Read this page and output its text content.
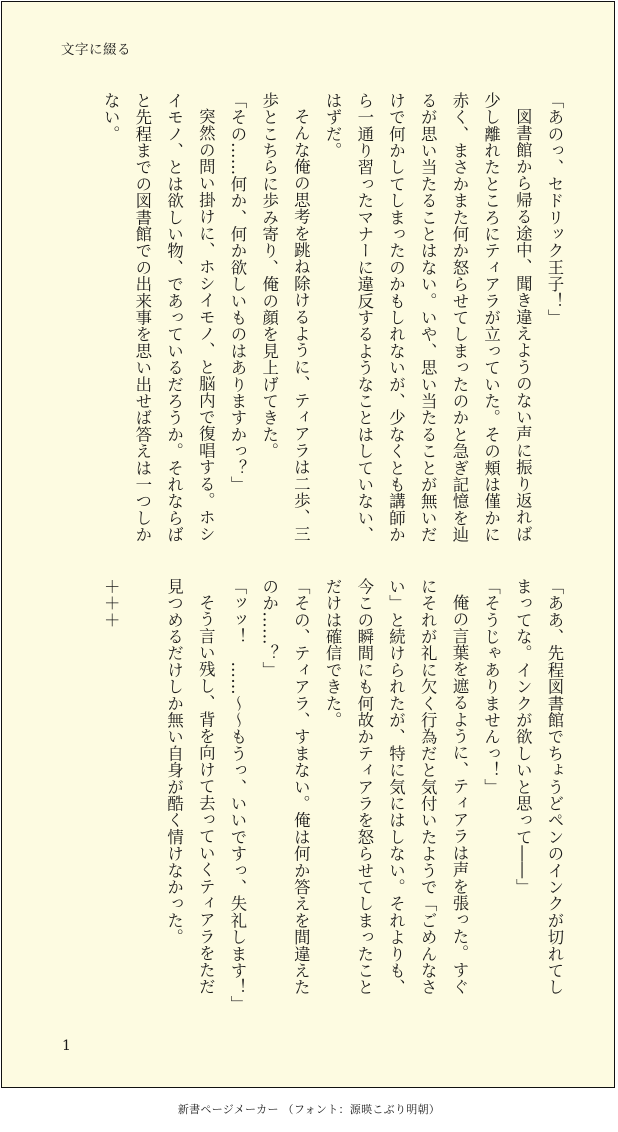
文字に綴る

「あのっ、セドリック王子！」

図書館から帰る途中、聞き違えようのない声に振り返れば少し離れたところにティアラが立っていた。その頬は僅かに赤く、まさかまた何か怒らせてしまったのかと急ぎ記憶を辿るが思い当たることはない。いや、思い当たることが無いだけで何かしてしまったのかもしれないが、少なくとも講師から一通り習ったマナーに違反するようなことはしていない、はずだ。

そんな俺の思考を跳ね除けるように、ティアラは二歩、三歩とこちらに歩み寄り、俺の顔を見上げてきた。

「その……何か、何か欲しいものはありますかっ？」

突然の問い掛けに、ホシイモノ、と脳内で復唱する。ホシイモノ、とは欲しい物、であっているだろうか。それならばと先程までの図書館での出来事を思い出せば答えは一つしかない。

「ああ、先程図書館でちょうどペンのインクが切れてしまってな。インクが欲しいと思って――」

「そうじゃありませんっ！」

俺の言葉を遮るように、ティアラは声を張った。すぐにそれが礼に欠く行為だと気付いたようで「ごめんなさい」と続けられたが、特に気にはしない。それよりも、今この瞬間にも何故かティアラを怒らせてしまったことだけは確信できた。

「その、ティアラ、すまない。俺は何か答えを間違えたのか……？」

「ッッ！　……～～もうっ、いいですっ、失礼します！」

そう言い残し、背を向けて去っていくティアラをただ見つめるだけしか無い自身が酷く情けなかった。

＋＋＋

1
新書ページメーカー （フォント：源暎こぶり明朝）
